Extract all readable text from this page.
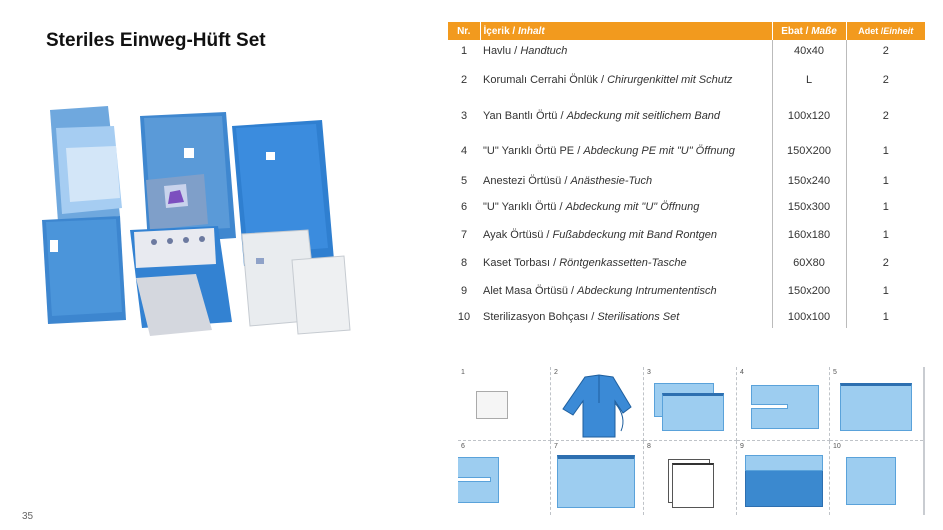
Steriles Einweg-Hüft Set	Nr.	İçerik / Inhalt	Ebat / Maße	Adet /Einheit
1	Havlu / Handtuch	40x40	2
2	Korumalı Cerrahi Önlük / Chirurgenkittel mit Schutz	L	2
3	Yan Bantlı Örtü / Abdeckung mit seitlichem Band	100x120	2
4	"U" Yarıklı Örtü PE / Abdeckung PE mit "U" Öffnung	150X200	1
5	Anestezi Örtüsü / Anästhesie-Tuch	150x240	1
6	"U" Yarıklı Örtü / Abdeckung mit "U" Öffnung	150x300	1
7	Ayak Örtüsü / Fußabdeckung mit Band Rontgen	160x180	1
8	Kaset Torbası / Röntgenkassetten-Tasche	60X80	2
9	Alet Masa Örtüsü / Abdeckung Intrumententisch	150x200	1
10	Sterilizasyon Bohçası / Sterilisations Set	100x100	1
1	2	3	4	5
6	7	8	9	10
35
